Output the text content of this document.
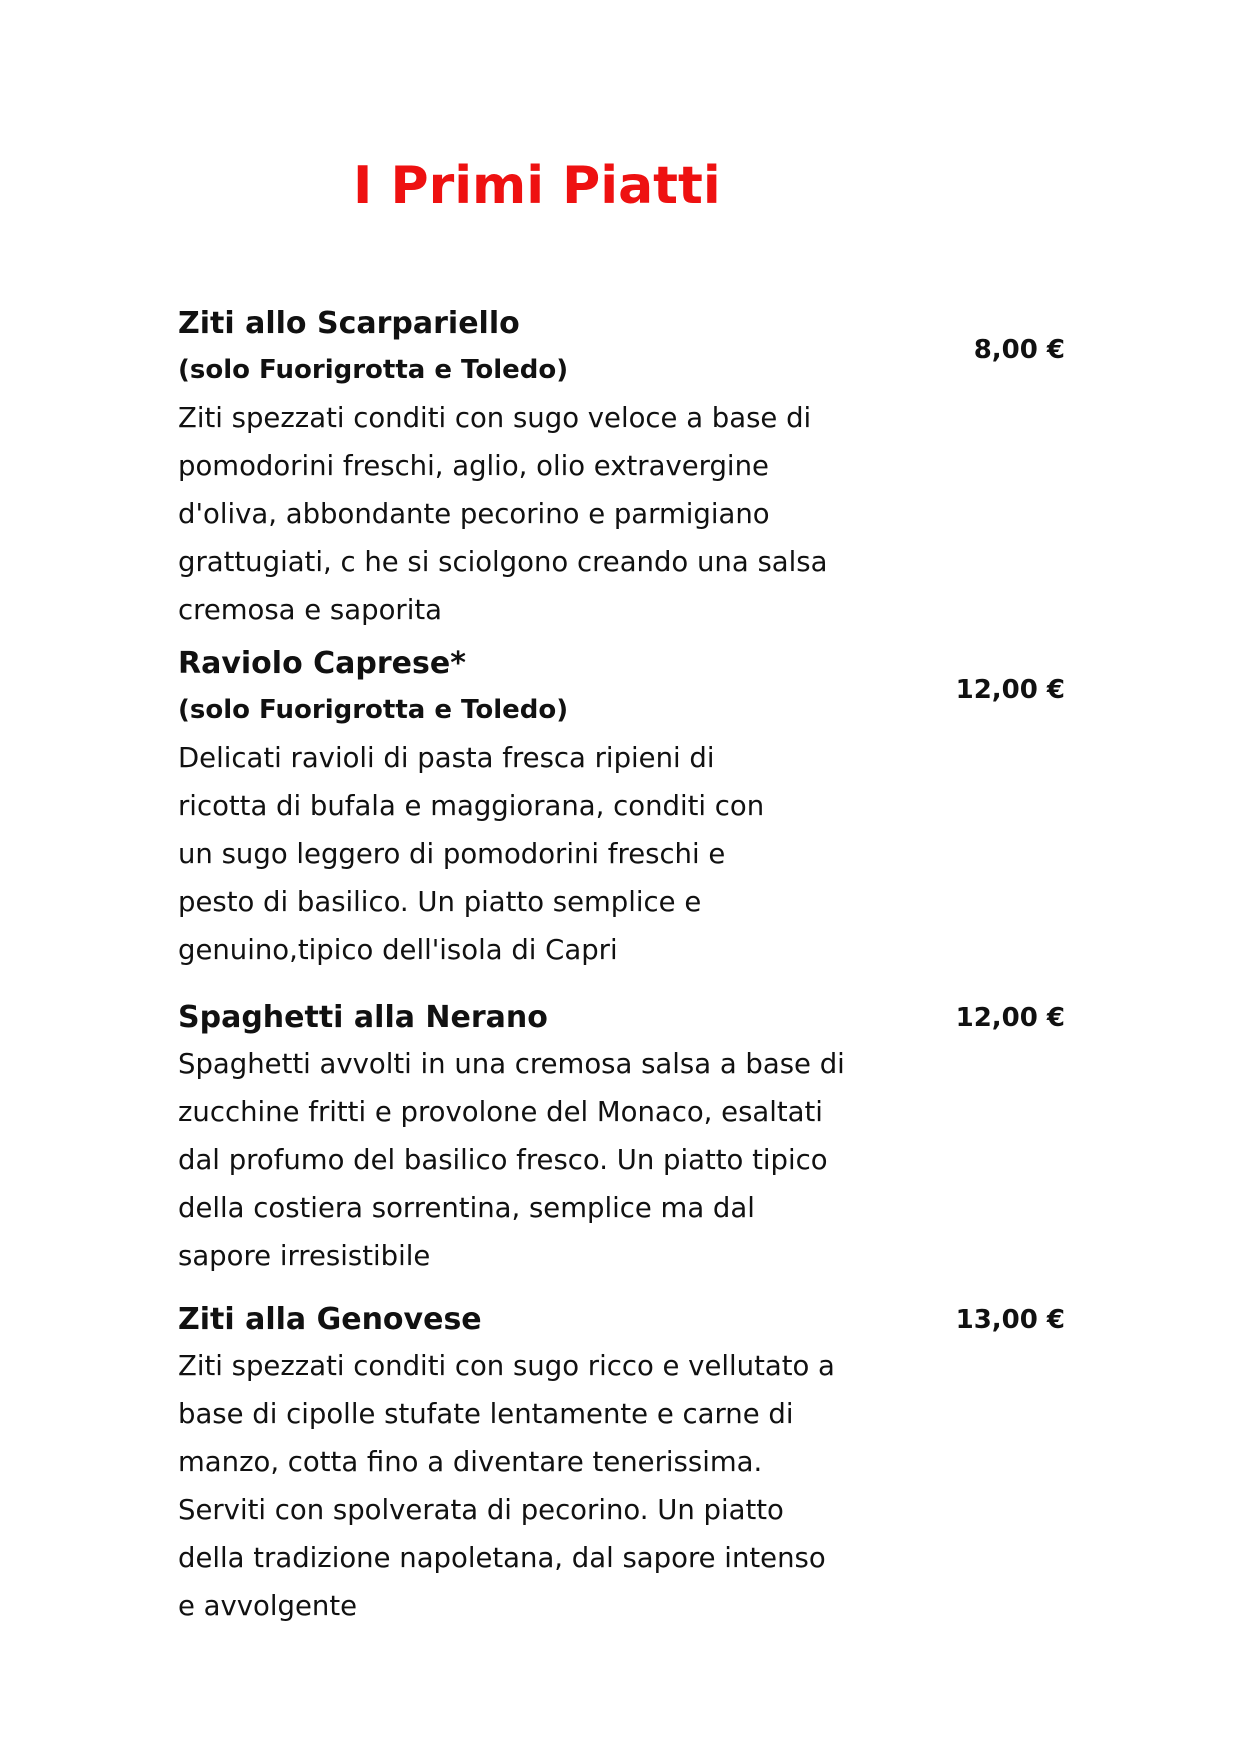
I Primi Piatti

Ziti allo Scarpariello

(solo Fuorigrotta e Toledo)

Ziti spezzati conditi con sugo veloce a base di
pomodorini freschi, aglio, olio extravergine
d'oliva, abbondante pecorino e parmigiano
grattugiati, c he si sciolgono creando una salsa
cremosa e saporita
8,00 €

Raviolo Caprese*

(solo Fuorigrotta e Toledo)

Delicati ravioli di pasta fresca ripieni di
ricotta di bufala e maggiorana, conditi con
un sugo leggero di pomodorini freschi e
pesto di basilico. Un piatto semplice e
genuino,tipico dell'isola di Capri
12,00 €

Spaghetti alla Nerano

Spaghetti avvolti in una cremosa salsa a base di
zucchine fritti e provolone del Monaco, esaltati
dal profumo del basilico fresco. Un piatto tipico
della costiera sorrentina, semplice ma dal
sapore irresistibile
12,00 €

Ziti alla Genovese

Ziti spezzati conditi con sugo ricco e vellutato a
base di cipolle stufate lentamente e carne di
manzo, cotta fino a diventare tenerissima.
Serviti con spolverata di pecorino. Un piatto
della tradizione napoletana, dal sapore intenso
e avvolgente
13,00 €
